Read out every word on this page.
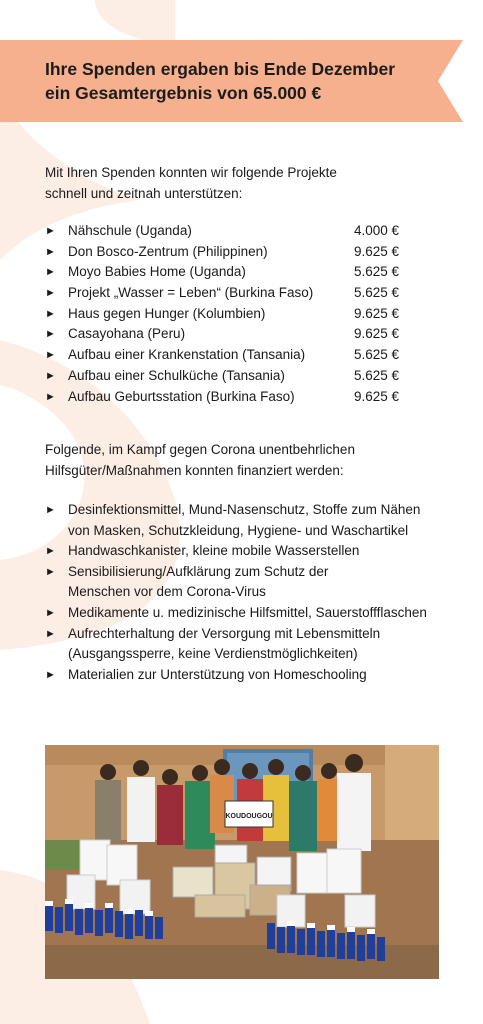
Ihre Spenden ergaben bis Ende Dezember
ein Gesamtergebnis von 65.000 €
Mit Ihren Spenden konnten wir folgende Projekte
schnell und zeitnah unterstützen:
► Nähschule (Uganda)	4.000 €
► Don Bosco-Zentrum (Philippinen)	9.625 €
► Moyo Babies Home (Uganda)	5.625 €
► Projekt „Wasser = Leben“ (Burkina Faso)	5.625 €
► Haus gegen Hunger (Kolumbien)	9.625 €
► Casayohana (Peru)	9.625 €
► Aufbau einer Krankenstation (Tansania)	5.625 €
► Aufbau einer Schulküche (Tansania)	5.625 €
► Aufbau Geburtsstation (Burkina Faso)	9.625 €
Folgende, im Kampf gegen Corona unentbehrlichen
Hilfsgüter/Maßnahmen konnten finanziert werden:
► Desinfektionsmittel, Mund-Nasenschutz, Stoffe zum Nähen
von Masken, Schutzkleidung, Hygiene- und Waschartikel
► Handwaschkanister, kleine mobile Wasserstellen
► Sensibilisierung/Aufklärung zum Schutz der
Menschen vor dem Corona-Virus
► Medikamente u. medizinische Hilfsmittel, Sauerstoffflaschen
► Aufrechterhaltung der Versorgung mit Lebensmitteln
(Ausgangssperre, keine Verdienstmöglichkeiten)
► Materialien zur Unterstützung von Homeschooling
KOUDOUGOU
